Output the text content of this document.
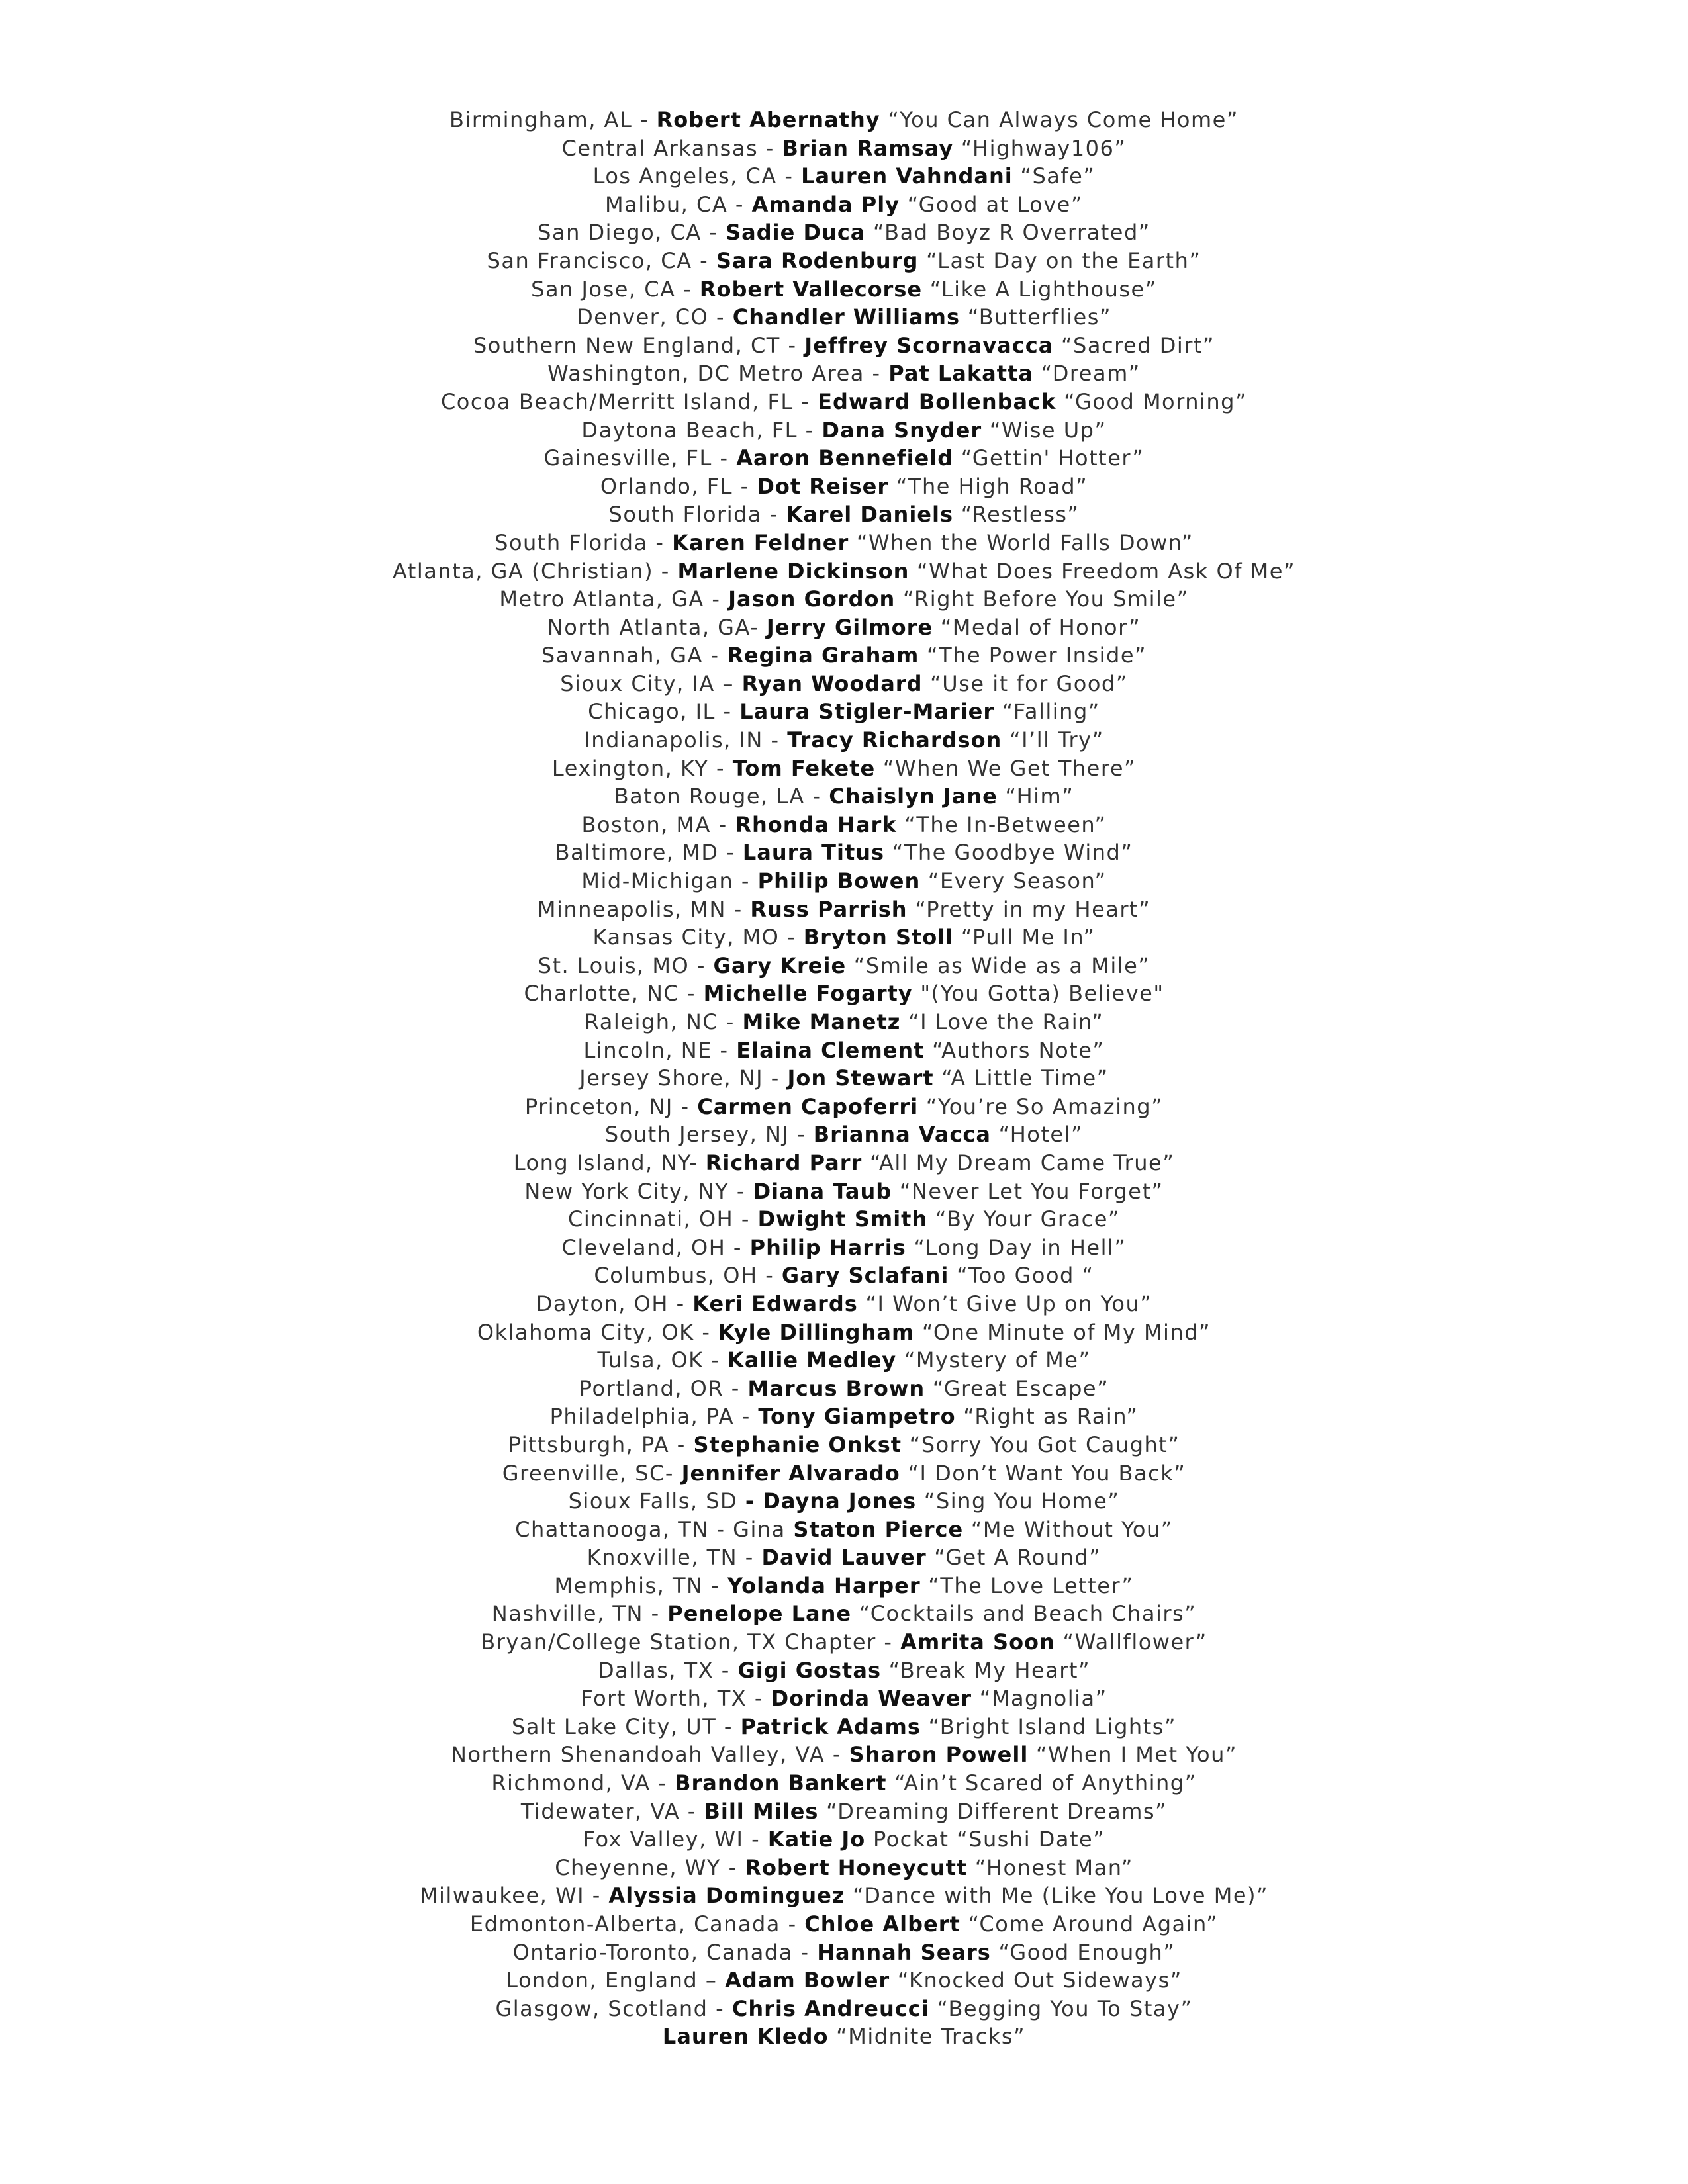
Birmingham, AL - Robert Abernathy “You Can Always Come Home”

Central Arkansas - Brian Ramsay “Highway106”

Los Angeles, CA - Lauren Vahndani “Safe”

Malibu, CA - Amanda Ply “Good at Love”

San Diego, CA - Sadie Duca “Bad Boyz R Overrated”

San Francisco, CA - Sara Rodenburg “Last Day on the Earth”

San Jose, CA - Robert Vallecorse “Like A Lighthouse”

Denver, CO - Chandler Williams “Butterflies”

Southern New England, CT - Jeffrey Scornavacca “Sacred Dirt”

Washington, DC Metro Area - Pat Lakatta “Dream”

Cocoa Beach/Merritt Island, FL - Edward Bollenback “Good Morning”

Daytona Beach, FL - Dana Snyder “Wise Up”

Gainesville, FL - Aaron Bennefield “Gettin' Hotter”

Orlando, FL - Dot Reiser “The High Road”

South Florida - Karel Daniels “Restless”

South Florida - Karen Feldner “When the World Falls Down”

Atlanta, GA (Christian) - Marlene Dickinson “What Does Freedom Ask Of Me”

Metro Atlanta, GA - Jason Gordon “Right Before You Smile”

North Atlanta, GA- Jerry Gilmore “Medal of Honor”

Savannah, GA - Regina Graham “The Power Inside”

Sioux City, IA – Ryan Woodard “Use it for Good”

Chicago, IL - Laura Stigler-Marier “Falling”

Indianapolis, IN - Tracy Richardson “I’ll Try”

Lexington, KY - Tom Fekete “When We Get There”

Baton Rouge, LA - Chaislyn Jane “Him”

Boston, MA - Rhonda Hark “The In-Between”

Baltimore, MD - Laura Titus “The Goodbye Wind”

Mid-Michigan - Philip Bowen “Every Season”

Minneapolis, MN - Russ Parrish “Pretty in my Heart”

Kansas City, MO - Bryton Stoll “Pull Me In”

St. Louis, MO - Gary Kreie “Smile as Wide as a Mile”

Charlotte, NC - Michelle Fogarty "(You Gotta) Believe"

Raleigh, NC - Mike Manetz “I Love the Rain”

Lincoln, NE - Elaina Clement “Authors Note”

Jersey Shore, NJ - Jon Stewart “A Little Time”

Princeton, NJ - Carmen Capoferri “You’re So Amazing”

South Jersey, NJ - Brianna Vacca “Hotel”

Long Island, NY- Richard Parr “All My Dream Came True”

New York City, NY - Diana Taub “Never Let You Forget”

Cincinnati, OH - Dwight Smith “By Your Grace”

Cleveland, OH - Philip Harris “Long Day in Hell”

Columbus, OH - Gary Sclafani “Too Good “

Dayton, OH - Keri Edwards “I Won’t Give Up on You”

Oklahoma City, OK - Kyle Dillingham “One Minute of My Mind”

Tulsa, OK - Kallie Medley “Mystery of Me”

Portland, OR - Marcus Brown “Great Escape”

Philadelphia, PA - Tony Giampetro “Right as Rain”

Pittsburgh, PA - Stephanie Onkst “Sorry You Got Caught”

Greenville, SC- Jennifer Alvarado “I Don’t Want You Back”

Sioux Falls, SD - Dayna Jones “Sing You Home”

Chattanooga, TN - Gina Staton Pierce “Me Without You”

Knoxville, TN - David Lauver “Get A Round”

Memphis, TN - Yolanda Harper “The Love Letter”

Nashville, TN - Penelope Lane “Cocktails and Beach Chairs”

Bryan/College Station, TX Chapter - Amrita Soon “Wallflower”

Dallas, TX - Gigi Gostas “Break My Heart”

Fort Worth, TX - Dorinda Weaver “Magnolia”

Salt Lake City, UT - Patrick Adams “Bright Island Lights”

Northern Shenandoah Valley, VA - Sharon Powell “When I Met You”

Richmond, VA - Brandon Bankert “Ain’t Scared of Anything”

Tidewater, VA - Bill Miles “Dreaming Different Dreams”

Fox Valley, WI - Katie Jo Pockat “Sushi Date”

Cheyenne, WY - Robert Honeycutt “Honest Man”

Milwaukee, WI - Alyssia Dominguez “Dance with Me (Like You Love Me)”

Edmonton-Alberta, Canada - Chloe Albert “Come Around Again”

Ontario-Toronto, Canada - Hannah Sears “Good Enough”

London, England – Adam Bowler “Knocked Out Sideways”

Glasgow, Scotland - Chris Andreucci “Begging You To Stay”

Lauren Kledo “Midnite Tracks”
